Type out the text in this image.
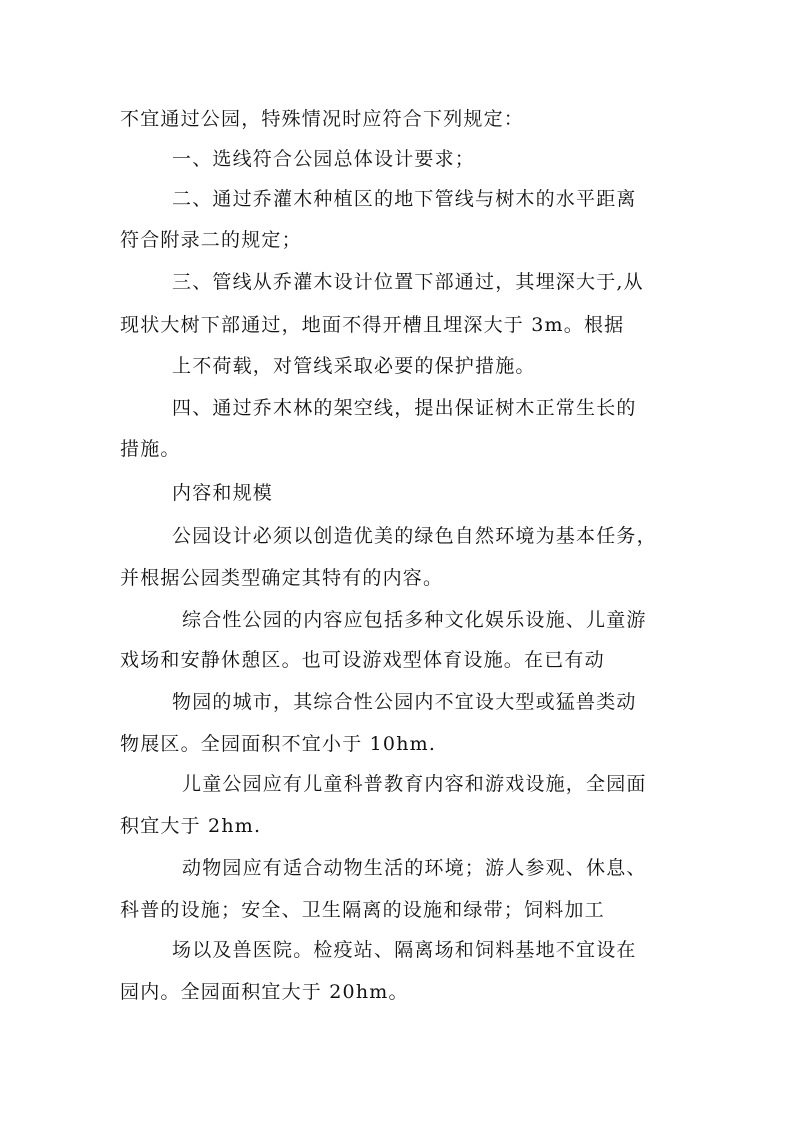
不宜通过公园，特殊情况时应符合下列规定：
一、选线符合公园总体设计要求；
二、通过乔灌木种植区的地下管线与树木的水平距离
符合附录二的规定；
三、管线从乔灌木设计位置下部通过，其埋深大于,从
现状大树下部通过，地面不得开槽且埋深大于 3m。根据
上不荷载，对管线采取必要的保护措施。
四、通过乔木林的架空线，提出保证树木正常生长的
措施。
内容和规模
公园设计必须以创造优美的绿色自然环境为基本任务，
并根据公园类型确定其特有的内容。
综合性公园的内容应包括多种文化娱乐设施、儿童游
戏场和安静休憩区。也可设游戏型体育设施。在已有动
物园的城市，其综合性公园内不宜设大型或猛兽类动
物展区。全园面积不宜小于 10hm.
儿童公园应有儿童科普教育内容和游戏设施，全园面
积宜大于 2hm.
动物园应有适合动物生活的环境；游人参观、休息、
科普的设施；安全、卫生隔离的设施和绿带；饲料加工
场以及兽医院。检疫站、隔离场和饲料基地不宜设在
园内。全园面积宜大于 20hm。
